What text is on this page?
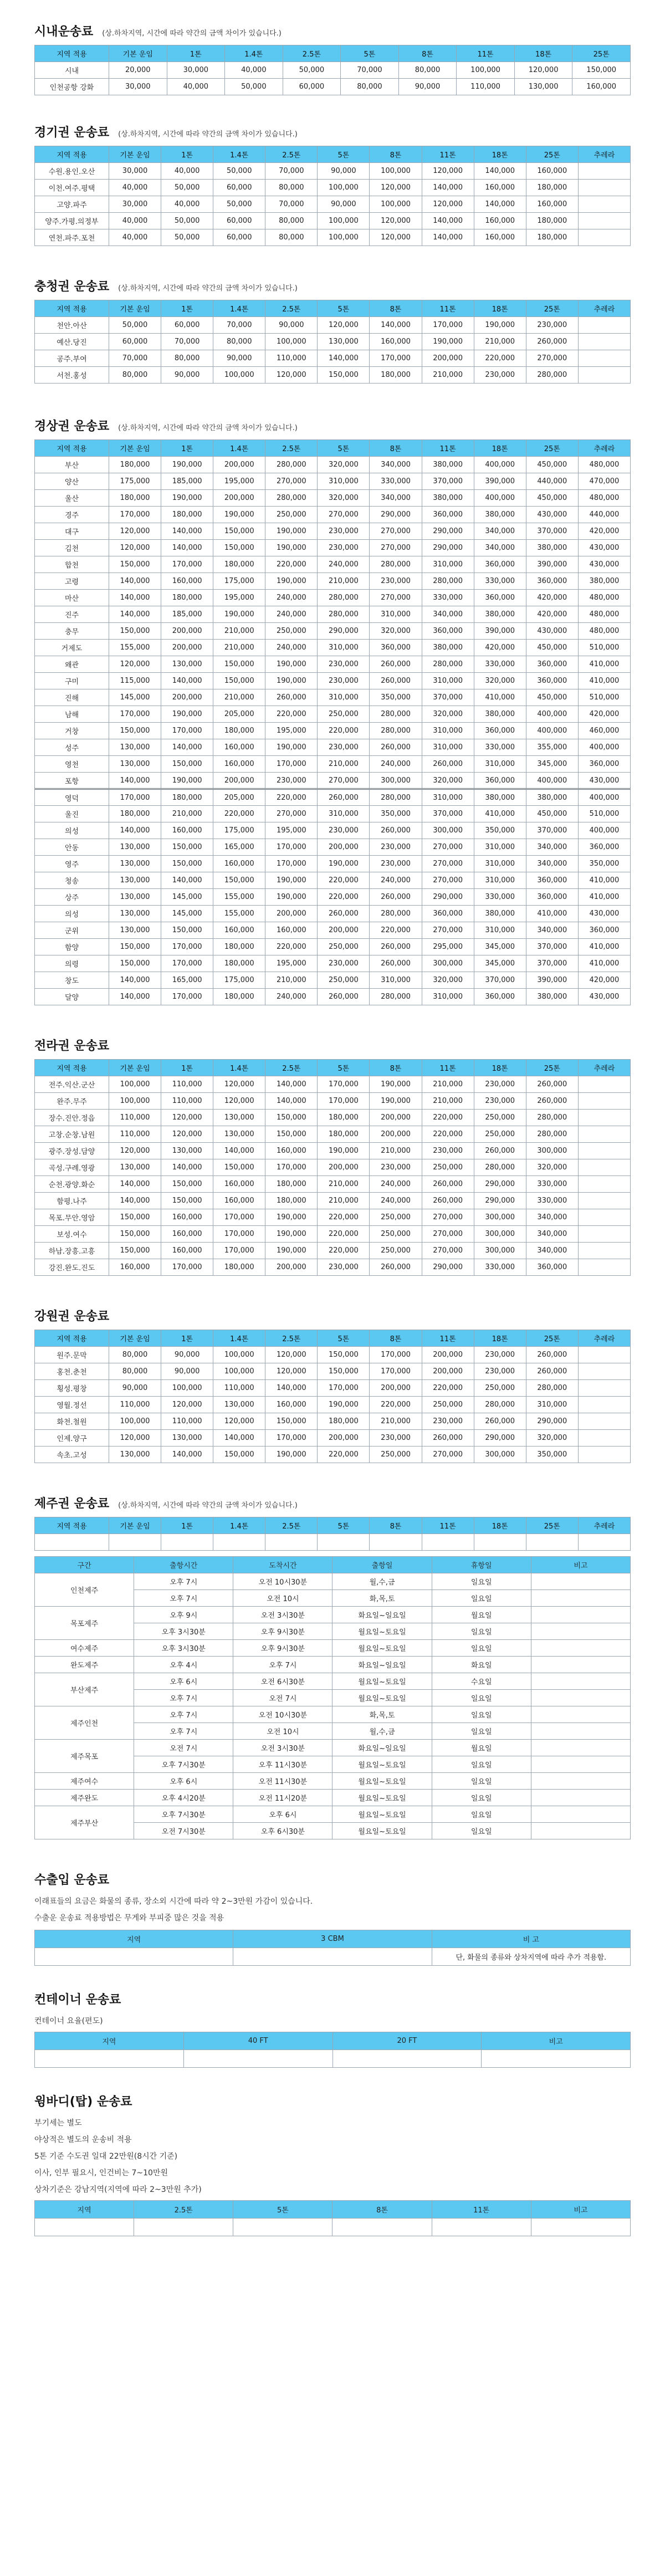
시내운송료 (상.하차지역, 시간에 따라 약간의 금액 차이가 있습니다.)
지역 적용	기본 운임	1톤	1.4톤	2.5톤	5톤	8톤	11톤	18톤	25톤
시내	20,000	30,000	40,000	50,000	70,000	80,000	100,000	120,000	150,000
인천공항 강화	30,000	40,000	50,000	60,000	80,000	90,000	110,000	130,000	160,000
경기권 운송료 (상.하차지역, 시간에 따라 약간의 금액 차이가 있습니다.)
지역 적용	기본 운임	1톤	1.4톤	2.5톤	5톤	8톤	11톤	18톤	25톤	추레라
수원.용인.오산	30,000	40,000	50,000	70,000	90,000	100,000	120,000	140,000	160,000	
이천.여주.평택	40,000	50,000	60,000	80,000	100,000	120,000	140,000	160,000	180,000	
고양.파주	30,000	40,000	50,000	70,000	90,000	100,000	120,000	140,000	160,000	
양주.가평.의정부	40,000	50,000	60,000	80,000	100,000	120,000	140,000	160,000	180,000	
연천.파주.포천	40,000	50,000	60,000	80,000	100,000	120,000	140,000	160,000	180,000	
충청권 운송료 (상.하차지역, 시간에 따라 약간의 금액 차이가 있습니다.)
지역 적용	기본 운임	1톤	1.4톤	2.5톤	5톤	8톤	11톤	18톤	25톤	추레라
천안.아산	50,000	60,000	70,000	90,000	120,000	140,000	170,000	190,000	230,000	
예산.당진	60,000	70,000	80,000	100,000	130,000	160,000	190,000	210,000	260,000	
공주.부여	70,000	80,000	90,000	110,000	140,000	170,000	200,000	220,000	270,000	
서천.홍성	80,000	90,000	100,000	120,000	150,000	180,000	210,000	230,000	280,000	
경상권 운송료 (상.하차지역, 시간에 따라 약간의 금액 차이가 있습니다.)
지역 적용	기본 운임	1톤	1.4톤	2.5톤	5톤	8톤	11톤	18톤	25톤	추레라
부산	180,000	190,000	200,000	280,000	320,000	340,000	380,000	400,000	450,000	480,000
양산	175,000	185,000	195,000	270,000	310,000	330,000	370,000	390,000	440,000	470,000
울산	180,000	190,000	200,000	280,000	320,000	340,000	380,000	400,000	450,000	480,000
경주	170,000	180,000	190,000	250,000	270,000	290,000	360,000	380,000	430,000	440,000
대구	120,000	140,000	150,000	190,000	230,000	270,000	290,000	340,000	370,000	420,000
김천	120,000	140,000	150,000	190,000	230,000	270,000	290,000	340,000	380,000	430,000
합천	150,000	170,000	180,000	220,000	240,000	280,000	310,000	360,000	390,000	430,000
고령	140,000	160,000	175,000	190,000	210,000	230,000	280,000	330,000	360,000	380,000
마산	140,000	180,000	195,000	240,000	280,000	270,000	330,000	360,000	420,000	480,000
진주	140,000	185,000	190,000	240,000	280,000	310,000	340,000	380,000	420,000	480,000
충무	150,000	200,000	210,000	250,000	290,000	320,000	360,000	390,000	430,000	480,000
거제도	155,000	200,000	210,000	240,000	310,000	360,000	380,000	420,000	450,000	510,000
왜관	120,000	130,000	150,000	190,000	230,000	260,000	280,000	330,000	360,000	410,000
구미	115,000	140,000	150,000	190,000	230,000	260,000	310,000	320,000	360,000	410,000
진해	145,000	200,000	210,000	260,000	310,000	350,000	370,000	410,000	450,000	510,000
남해	170,000	190,000	205,000	220,000	250,000	280,000	320,000	380,000	400,000	420,000
거창	150,000	170,000	180,000	195,000	220,000	280,000	310,000	360,000	400,000	460,000
성주	130,000	140,000	160,000	190,000	230,000	260,000	310,000	330,000	355,000	400,000
영천	130,000	150,000	160,000	170,000	210,000	240,000	260,000	310,000	345,000	360,000
포항	140,000	190,000	200,000	230,000	270,000	300,000	320,000	360,000	400,000	430,000
영덕	170,000	180,000	205,000	220,000	260,000	280,000	310,000	380,000	380,000	400,000
울진	180,000	210,000	220,000	270,000	310,000	350,000	370,000	410,000	450,000	510,000
의성	140,000	160,000	175,000	195,000	230,000	260,000	300,000	350,000	370,000	400,000
안동	130,000	150,000	165,000	170,000	200,000	230,000	270,000	310,000	340,000	360,000
영주	130,000	150,000	160,000	170,000	190,000	230,000	270,000	310,000	340,000	350,000
청송	130,000	140,000	150,000	190,000	220,000	240,000	270,000	310,000	360,000	410,000
상주	130,000	145,000	155,000	190,000	220,000	260,000	290,000	330,000	360,000	410,000
의성	130,000	145,000	155,000	200,000	260,000	280,000	360,000	380,000	410,000	430,000
군위	130,000	150,000	160,000	160,000	200,000	220,000	270,000	310,000	340,000	360,000
함양	150,000	170,000	180,000	220,000	250,000	260,000	295,000	345,000	370,000	410,000
의령	150,000	170,000	180,000	195,000	230,000	260,000	300,000	345,000	370,000	410,000
창도	140,000	165,000	175,000	210,000	250,000	310,000	320,000	370,000	390,000	420,000
달양	140,000	170,000	180,000	240,000	260,000	280,000	310,000	360,000	380,000	430,000
전라권 운송료
지역 적용	기본 운임	1톤	1.4톤	2.5톤	5톤	8톤	11톤	18톤	25톤	추레라
전주.익산.군산	100,000	110,000	120,000	140,000	170,000	190,000	210,000	230,000	260,000	
완주.무주	100,000	110,000	120,000	140,000	170,000	190,000	210,000	230,000	260,000	
장수.진안.정읍	110,000	120,000	130,000	150,000	180,000	200,000	220,000	250,000	280,000	
고창.순창.남원	110,000	120,000	130,000	150,000	180,000	200,000	220,000	250,000	280,000	
광주.장성.담양	120,000	130,000	140,000	160,000	190,000	210,000	230,000	260,000	300,000	
곡성.구례.영광	130,000	140,000	150,000	170,000	200,000	230,000	250,000	280,000	320,000	
순천.광양.화순	140,000	150,000	160,000	180,000	210,000	240,000	260,000	290,000	330,000	
함평.나주	140,000	150,000	160,000	180,000	210,000	240,000	260,000	290,000	330,000	
목포.무안.영암	150,000	160,000	170,000	190,000	220,000	250,000	270,000	300,000	340,000	
보성.여수	150,000	160,000	170,000	190,000	220,000	250,000	270,000	300,000	340,000	
하남.장흥.고흥	150,000	160,000	170,000	190,000	220,000	250,000	270,000	300,000	340,000	
강진.완도.진도	160,000	170,000	180,000	200,000	230,000	260,000	290,000	330,000	360,000	
강원권 운송료
지역 적용	기본 운임	1톤	1.4톤	2.5톤	5톤	8톤	11톤	18톤	25톤	추레라
원주.문막	80,000	90,000	100,000	120,000	150,000	170,000	200,000	230,000	260,000	
홍천.춘천	80,000	90,000	100,000	120,000	150,000	170,000	200,000	230,000	260,000	
횡성.평창	90,000	100,000	110,000	140,000	170,000	200,000	220,000	250,000	280,000	
영월.정선	110,000	120,000	130,000	160,000	190,000	220,000	250,000	280,000	310,000	
화천.철원	100,000	110,000	120,000	150,000	180,000	210,000	230,000	260,000	290,000	
인제.양구	120,000	130,000	140,000	170,000	200,000	230,000	260,000	290,000	320,000	
속초.고성	130,000	140,000	150,000	190,000	220,000	250,000	270,000	300,000	350,000	
제주권 운송료 (상.하차지역, 시간에 따라 약간의 금액 차이가 있습니다.)
지역 적용	기본 운임	1톤	1.4톤	2.5톤	5톤	8톤	11톤	18톤	25톤	추레라

구간	출항시간	도착시간	출항일	휴항일	비고
인천제주	오후 7시	오전 10시30분	월,수,금	일요일	
	오후 7시	오전 10시	화,목,토	일요일	
목포제주	오후 9시	오전 3시30분	화요일~일요일	월요일	
	오후 3시30분	오후 9시30분	월요일~토요일	일요일	
여수제주	오후 3시30분	오후 9시30분	월요일~토요일	일요일	
완도제주	오후 4시	오후 7시	화요일~일요일	화요일	
부산제주	오후 6시	오전 6시30분	월요일~토요일	수요일	
	오후 7시	오전 7시	월요일~토요일	일요일	
제주인천	오후 7시	오전 10시30분	화,목,토	일요일	
	오후 7시	오전 10시	월,수,금	일요일	
제주목포	오전 7시	오전 3시30분	화요일~일요일	월요일	
	오후 7시30분	오후 11시30분	월요일~토요일	일요일	
제주여수	오후 6시	오전 11시30분	월요일~토요일	일요일	
제주완도	오후 4시20분	오전 11시20분	월요일~토요일	일요일	
제주부산	오후 7시30분	오후 6시	월요일~토요일	일요일	
	오전 7시30분	오후 6시30분	월요일~토요일	일요일	
수출입 운송료

이래표들의 요금은 화물의 종류, 장소외 시간에 따라 약 2~3만원 가감이 있습니다.

수출운 운송료 적용방법은 무게와 부피중 많은 것을 적용

지역	3 CBM	비 고
		단, 화물의 종류와 상차지역에 따라 추가 적용함.
컨테이너 운송료

컨테이너 요율(편도)

지역	40 FT	20 FT	비고

윙바디(탑) 운송료

부기세는 별도

야상적은 별도의 운송비 적용

5톤 기준 수도권 일대 22만원(8시간 기준)

이사, 인부 필요시, 인건비는 7~10만원

상차기준은 강남지역(지역에 따라 2~3만원 추가)

지역	2.5톤	5톤	8톤	11톤	비고
